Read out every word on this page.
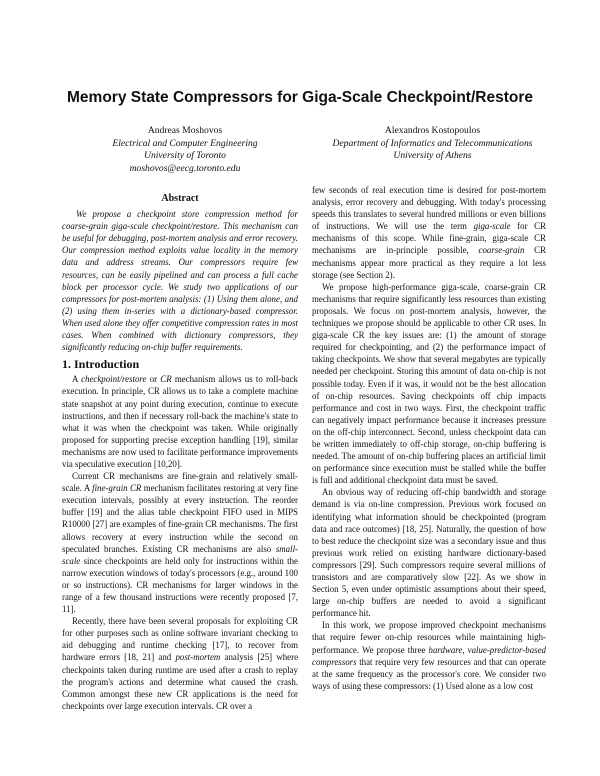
Memory State Compressors for Giga-Scale Checkpoint/Restore
Andreas Moshovos
Electrical and Computer Engineering
University of Toronto
moshovos@eecg.toronto.edu
Alexandros Kostopoulos
Department of Informatics and Telecommunications
University of Athens
Abstract

We propose a checkpoint store compression method for coarse-grain giga-scale checkpoint/restore. This mechanism can be useful for debugging, post-mortem analysis and error recovery. Our compression method exploits value locality in the memory data and address streams. Our compressors require few resources, can be easily pipelined and can process a full cache block per processor cycle. We study two applications of our compressors for post-mortem analysis: (1) Using them alone, and (2) using them in-series with a dictionary-based compressor. When used alone they offer competitive compression rates in most cases. When combined with dictionary compressors, they significantly reducing on-chip buffer requirements.

1. Introduction

A checkpoint/restore or CR mechanism allows us to roll-back execution. In principle, CR allows us to take a complete machine state snapshot at any point during execution, continue to execute instructions, and then if necessary roll-back the machine's state to what it was when the checkpoint was taken. While originally proposed for supporting precise exception handling [19], similar mechanisms are now used to facilitate performance improvements via speculative execution [10,20].

Current CR mechanisms are fine-grain and relatively small-scale. A fine-grain CR mechanism facilitates restoring at very fine execution intervals, possibly at every instruction. The reorder buffer [19] and the alias table checkpoint FIFO used in MIPS R10000 [27] are examples of fine-grain CR mechanisms. The first allows recovery at every instruction while the second on speculated branches. Existing CR mechanisms are also small-scale since checkpoints are held only for instructions within the narrow execution windows of today's processors (e.g., around 100 or so instructions). CR mechanisms for larger windows in the range of a few thousand instructions were recently proposed [7, 11].

Recently, there have been several proposals for exploiting CR for other purposes such as online software invariant checking to aid debugging and runtime checking [17], to recover from hardware errors [18, 21] and post-mortem analysis [25] where checkpoints taken during runtime are used after a crash to replay the program's actions and determine what caused the crash. Common amongst these new CR applications is the need for checkpoints over large execution intervals. CR over a

few seconds of real execution time is desired for post-mortem analysis, error recovery and debugging. With today's processing speeds this translates to several hundred millions or even billions of instructions. We will use the term giga-scale for CR mechanisms of this scope. While fine-grain, giga-scale CR mechanisms are in-principle possible, coarse-grain CR mechanisms appear more practical as they require a lot less storage (see Section 2).

We propose high-performance giga-scale, coarse-grain CR mechanisms that require significantly less resources than existing proposals. We focus on post-mortem analysis, however, the techniques we propose should be applicable to other CR uses. In giga-scale CR the key issues are: (1) the amount of storage required for checkpointing, and (2) the performance impact of taking checkpoints. We show that several megabytes are typically needed per checkpoint. Storing this amount of data on-chip is not possible today. Even if it was, it would not be the best allocation of on-chip resources. Saving checkpoints off chip impacts performance and cost in two ways. First, the checkpoint traffic can negatively impact performance because it increases pressure on the off-chip interconnect. Second, unless checkpoint data can be written immediately to off-chip storage, on-chip buffering is needed. The amount of on-chip buffering places an artificial limit on performance since execution must be stalled while the buffer is full and additional checkpoint data must be saved.

An obvious way of reducing off-chip bandwidth and storage demand is via on-line compression. Previous work focused on identifying what information should be checkpointed (program data and race outcomes) [18, 25]. Naturally, the question of how to best reduce the checkpoint size was a secondary issue and thus previous work relied on existing hardware dictionary-based compressors [29]. Such compressors require several millions of transistors and are comparatively slow [22]. As we show in Section 5, even under optimistic assumptions about their speed, large on-chip buffers are needed to avoid a significant performance hit.

In this work, we propose improved checkpoint mechanisms that require fewer on-chip resources while maintaining high-performance. We propose three hardware, value-predictor-based compressors that require very few resources and that can operate at the same frequency as the processor's core. We consider two ways of using these compressors: (1) Used alone as a low cost
